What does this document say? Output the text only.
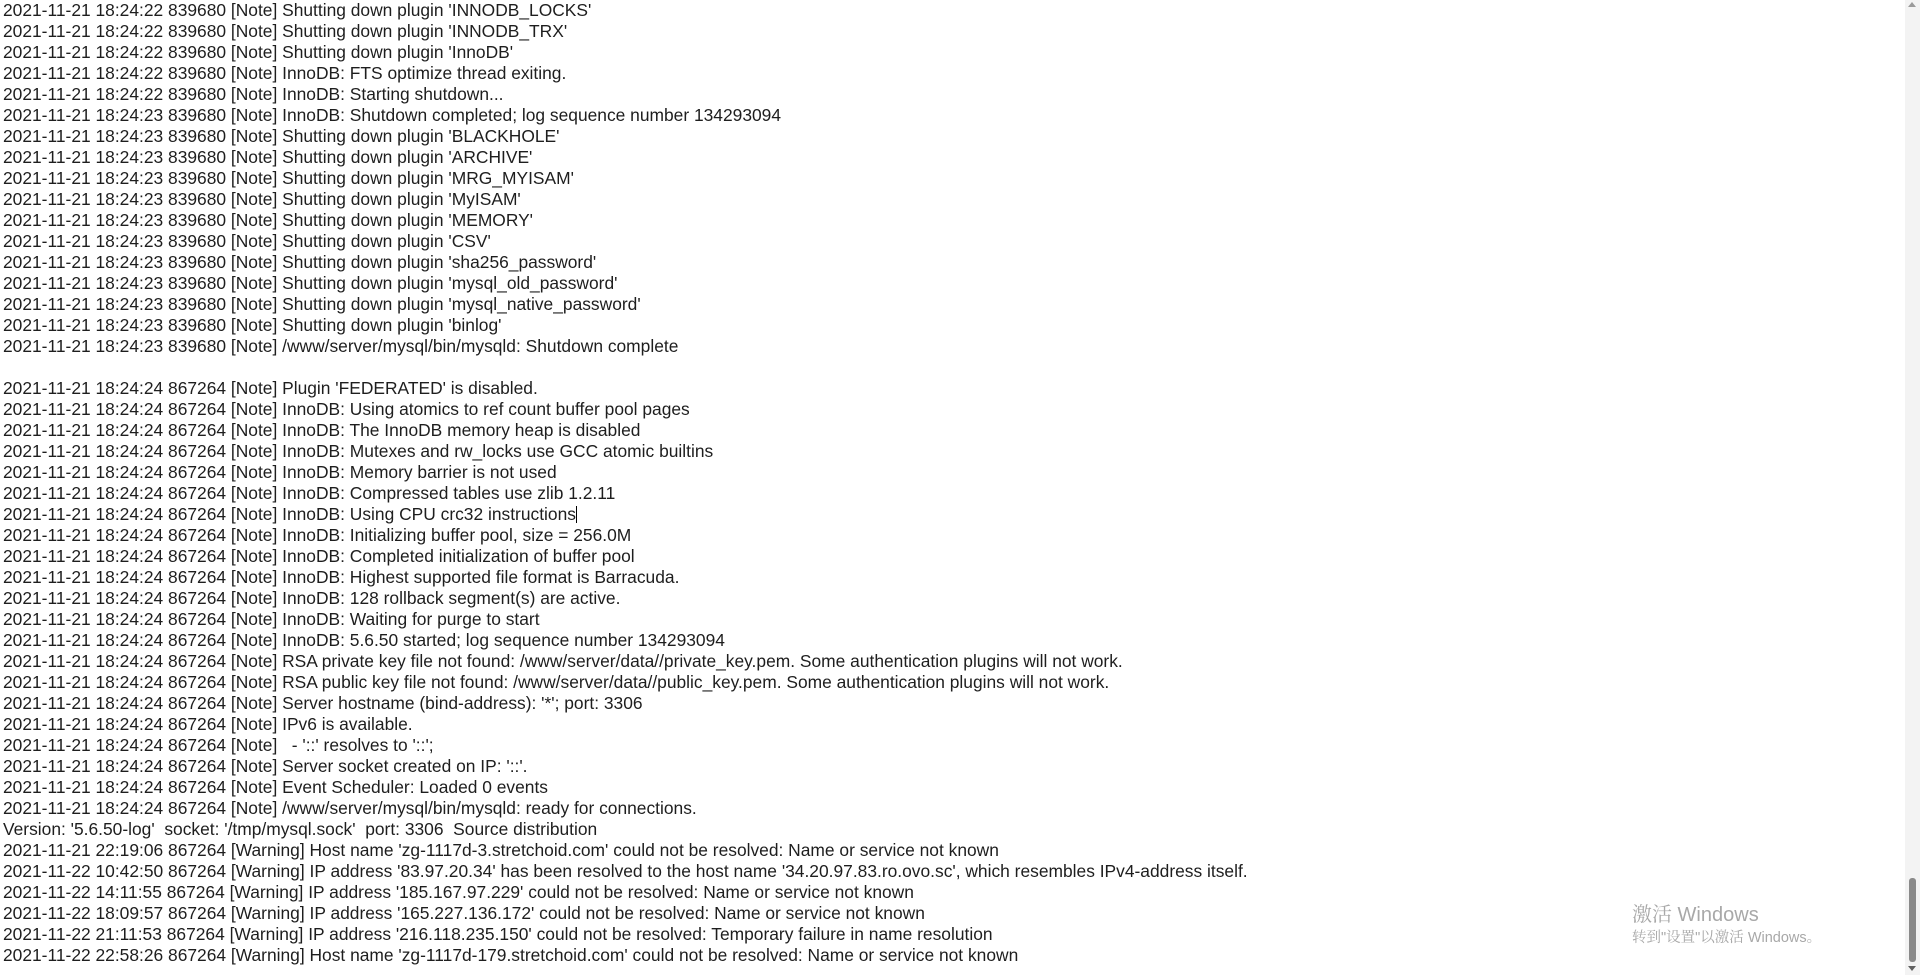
2021-11-21 18:24:22 839680 [Note] Shutting down plugin 'INNODB_LOCKS'
2021-11-21 18:24:22 839680 [Note] Shutting down plugin 'INNODB_TRX'
2021-11-21 18:24:22 839680 [Note] Shutting down plugin 'InnoDB'
2021-11-21 18:24:22 839680 [Note] InnoDB: FTS optimize thread exiting.
2021-11-21 18:24:22 839680 [Note] InnoDB: Starting shutdown...
2021-11-21 18:24:23 839680 [Note] InnoDB: Shutdown completed; log sequence number 134293094
2021-11-21 18:24:23 839680 [Note] Shutting down plugin 'BLACKHOLE'
2021-11-21 18:24:23 839680 [Note] Shutting down plugin 'ARCHIVE'
2021-11-21 18:24:23 839680 [Note] Shutting down plugin 'MRG_MYISAM'
2021-11-21 18:24:23 839680 [Note] Shutting down plugin 'MyISAM'
2021-11-21 18:24:23 839680 [Note] Shutting down plugin 'MEMORY'
2021-11-21 18:24:23 839680 [Note] Shutting down plugin 'CSV'
2021-11-21 18:24:23 839680 [Note] Shutting down plugin 'sha256_password'
2021-11-21 18:24:23 839680 [Note] Shutting down plugin 'mysql_old_password'
2021-11-21 18:24:23 839680 [Note] Shutting down plugin 'mysql_native_password'
2021-11-21 18:24:23 839680 [Note] Shutting down plugin 'binlog'
2021-11-21 18:24:23 839680 [Note] /www/server/mysql/bin/mysqld: Shutdown complete
2021-11-21 18:24:24 867264 [Note] Plugin 'FEDERATED' is disabled.
2021-11-21 18:24:24 867264 [Note] InnoDB: Using atomics to ref count buffer pool pages
2021-11-21 18:24:24 867264 [Note] InnoDB: The InnoDB memory heap is disabled
2021-11-21 18:24:24 867264 [Note] InnoDB: Mutexes and rw_locks use GCC atomic builtins
2021-11-21 18:24:24 867264 [Note] InnoDB: Memory barrier is not used
2021-11-21 18:24:24 867264 [Note] InnoDB: Compressed tables use zlib 1.2.11
2021-11-21 18:24:24 867264 [Note] InnoDB: Using CPU crc32 instructions
2021-11-21 18:24:24 867264 [Note] InnoDB: Initializing buffer pool, size = 256.0M
2021-11-21 18:24:24 867264 [Note] InnoDB: Completed initialization of buffer pool
2021-11-21 18:24:24 867264 [Note] InnoDB: Highest supported file format is Barracuda.
2021-11-21 18:24:24 867264 [Note] InnoDB: 128 rollback segment(s) are active.
2021-11-21 18:24:24 867264 [Note] InnoDB: Waiting for purge to start
2021-11-21 18:24:24 867264 [Note] InnoDB: 5.6.50 started; log sequence number 134293094
2021-11-21 18:24:24 867264 [Note] RSA private key file not found: /www/server/data//private_key.pem. Some authentication plugins will not work.
2021-11-21 18:24:24 867264 [Note] RSA public key file not found: /www/server/data//public_key.pem. Some authentication plugins will not work.
2021-11-21 18:24:24 867264 [Note] Server hostname (bind-address): '*'; port: 3306
2021-11-21 18:24:24 867264 [Note] IPv6 is available.
2021-11-21 18:24:24 867264 [Note]   - '::' resolves to '::';
2021-11-21 18:24:24 867264 [Note] Server socket created on IP: '::'.
2021-11-21 18:24:24 867264 [Note] Event Scheduler: Loaded 0 events
2021-11-21 18:24:24 867264 [Note] /www/server/mysql/bin/mysqld: ready for connections.
Version: '5.6.50-log'  socket: '/tmp/mysql.sock'  port: 3306  Source distribution
2021-11-21 22:19:06 867264 [Warning] Host name 'zg-1117d-3.stretchoid.com' could not be resolved: Name or service not known
2021-11-22 10:42:50 867264 [Warning] IP address '83.97.20.34' has been resolved to the host name '34.20.97.83.ro.ovo.sc', which resembles IPv4-address itself.
2021-11-22 14:11:55 867264 [Warning] IP address '185.167.97.229' could not be resolved: Name or service not known
2021-11-22 18:09:57 867264 [Warning] IP address '165.227.136.172' could not be resolved: Name or service not known
2021-11-22 21:11:53 867264 [Warning] IP address '216.118.235.150' could not be resolved: Temporary failure in name resolution
2021-11-22 22:58:26 867264 [Warning] Host name 'zg-1117d-179.stretchoid.com' could not be resolved: Name or service not known
激活 Windows
转到"设置"以激活 Windows。
